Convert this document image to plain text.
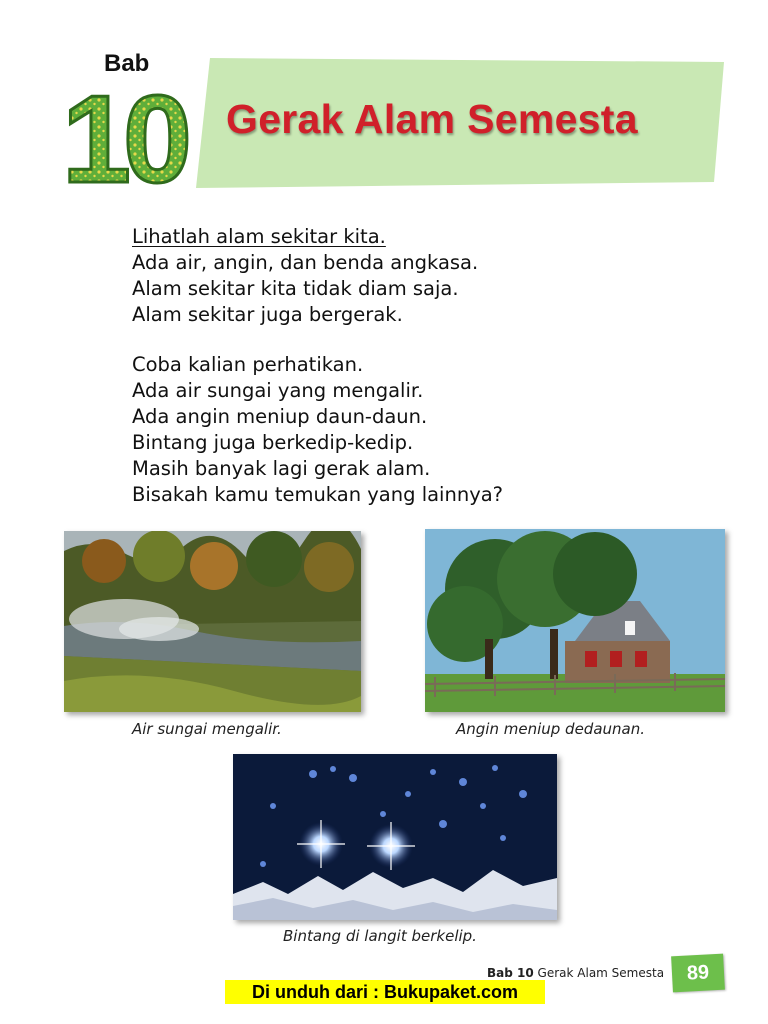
Bab
10 Gerak Alam Semesta
Lihatlah alam sekitar kita.
Ada air, angin, dan benda angkasa.
Alam sekitar kita tidak diam saja.
Alam sekitar juga bergerak.
Coba kalian perhatikan.
Ada air sungai yang mengalir.
Ada angin meniup daun-daun.
Bintang juga berkedip-kedip.
Masih banyak lagi gerak alam.
Bisakah kamu temukan yang lainnya?
Air sungai mengalir.	Angin meniup dedaunan.
Bintang di langit berkelip.
Bab 10 Gerak Alam Semesta	89
Di unduh dari : Bukupaket.com
